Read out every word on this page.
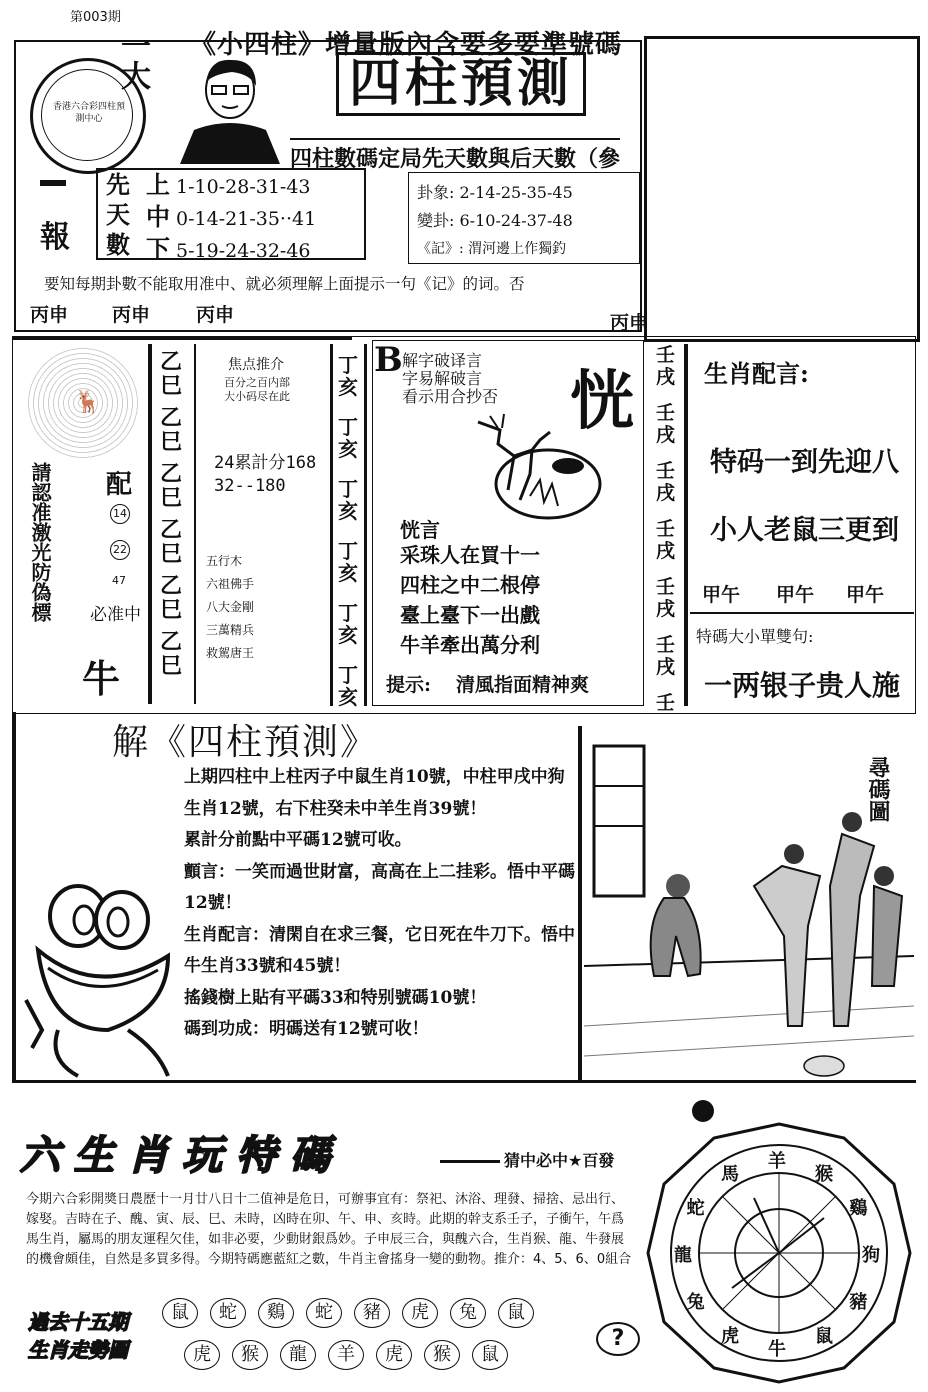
第003期
《小四柱》增量版內含要多要準號碼
香港六合彩四柱預測中心
一大
報
四柱預測
四柱數碼定局先天數與后天數（參
先
天
數
上 1-10-28-31-43
中 0-14-21-35··41
下 5-19-24-32-46
卦象: 2-14-25-35-45
變卦: 6-10-24-37-48
《記》: 渭河邊上作獨釣
要知每期卦數不能取用准中、就必须理解上面提示一句《记》的词。否
丙申 丙申 丙申	丙申
🦌
請認准激光防偽標 配
14 22 47
必准中
牛
乙巳
乙巳
乙巳
乙巳
乙巳
乙巳
焦点推介
百分之百内部
大小码尽在此
24累計分168
32--180
五行木
六祖佛手
八大金剛
三萬精兵
救駕唐王
丁亥
丁亥
丁亥
丁亥
丁亥
丁亥
B 解字破译言
字易解破言
看示用合抄否 恍
恍言
采珠人在買十一
四柱之中二根停
臺上臺下一出戲
牛羊牽出萬分利
提示: 清風指面精神爽
壬戌
壬戌
壬戌
壬戌
壬戌
壬戌
壬
生肖配言:
特码一到先迎八
小人老鼠三更到
甲午 甲午 甲午
特碼大小單雙句:
一两银子贵人施
解《四柱預測》
上期四柱中上柱丙子中鼠生肖10號，中柱甲戌中狗生肖12號，右下柱癸未中羊生肖39號！
累計分前點中平碼12號可收。
顫言：一笑而過世財富，高高在上二挂彩。悟中平碼12號！
生肖配言：清閑自在求三餐，它日死在牛刀下。悟中牛生肖33號和45號！
搖錢樹上貼有平碼33和特别號碼10號！
碼到功成：明碼送有12號可收！
尋碼圖
六生肖玩特碼	猜中必中★百發
今期六合彩開奬日農歷十一月廿八日十二值神是危日，可辦事宜有：祭祀、沐浴、理發、掃捨、忌出行、嫁娶。吉時在子、醜、寅、辰、巳、未時，凶時在卯、午、申、亥時。此期的幹支系壬子，子衝午，午爲馬生肖，屬馬的朋友運程欠佳，如非必要，少動財銀爲妙。子申辰三合，與醜六合，生肖猴、龍、牛發展的機會頗佳，自然是多買多得。今期特碼應藍紅之數，牛肖主會搖身一變的動物。推介：4、5、6、0組合
過去十五期
生肖走勢圖
鼠 蛇 鷄 蛇 豬 虎 兔 鼠
虎 猴 龍 羊 虎 猴 鼠
?
羊
猴
鷄
狗
豬
鼠
牛
虎
兔
龍
蛇
馬
